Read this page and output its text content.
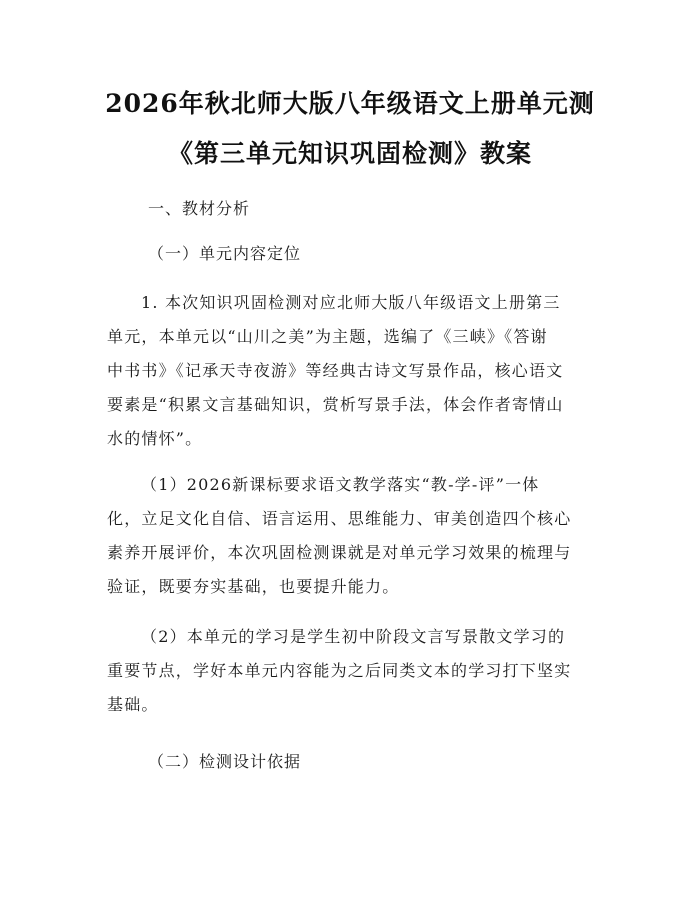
2026年秋北师大版八年级语文上册单元测
《第三单元知识巩固检测》教案
一、教材分析
（一）单元内容定位
1. 本次知识巩固检测对应北师大版八年级语文上册第三
单元，本单元以“山川之美”为主题，选编了《三峡》《答谢
中书书》《记承天寺夜游》等经典古诗文写景作品，核心语文
要素是“积累文言基础知识，赏析写景手法，体会作者寄情山
水的情怀”。
（1）2026新课标要求语文教学落实“教-学-评”一体
化，立足文化自信、语言运用、思维能力、审美创造四个核心
素养开展评价，本次巩固检测课就是对单元学习效果的梳理与
验证，既要夯实基础，也要提升能力。
（2）本单元的学习是学生初中阶段文言写景散文学习的
重要节点，学好本单元内容能为之后同类文本的学习打下坚实
基础。
（二）检测设计依据
